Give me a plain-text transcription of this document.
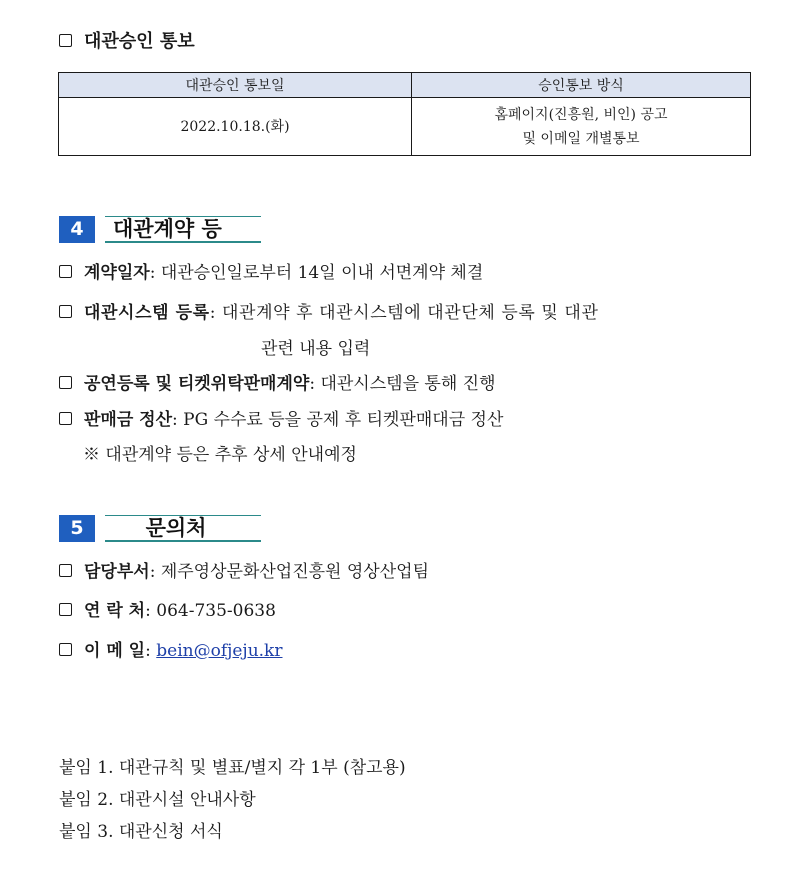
대관승인 통보
대관승인 통보일	승인통보 방식
2022.10.18.(화)	홈페이지(진흥원, 비인) 공고
및 이메일 개별통보
4	대관계약 등
계약일자: 대관승인일로부터 14일 이내 서면계약 체결
대관시스템 등록: 대관계약 후 대관시스템에 대관단체 등록 및 대관
관련 내용 입력
공연등록 및 티켓위탁판매계약: 대관시스템을 통해 진행
판매금 정산: PG 수수료 등을 공제 후 티켓판매대금 정산
※ 대관계약 등은 추후 상세 안내예정
5	문의처
담당부서: 제주영상문화산업진흥원 영상산업팀
연 락 처: 064-735-0638
이 메 일: bein@ofjeju.kr
붙임 1. 대관규칙 및 별표/별지 각 1부 (참고용)
붙임 2. 대관시설 안내사항
붙임 3. 대관신청 서식
